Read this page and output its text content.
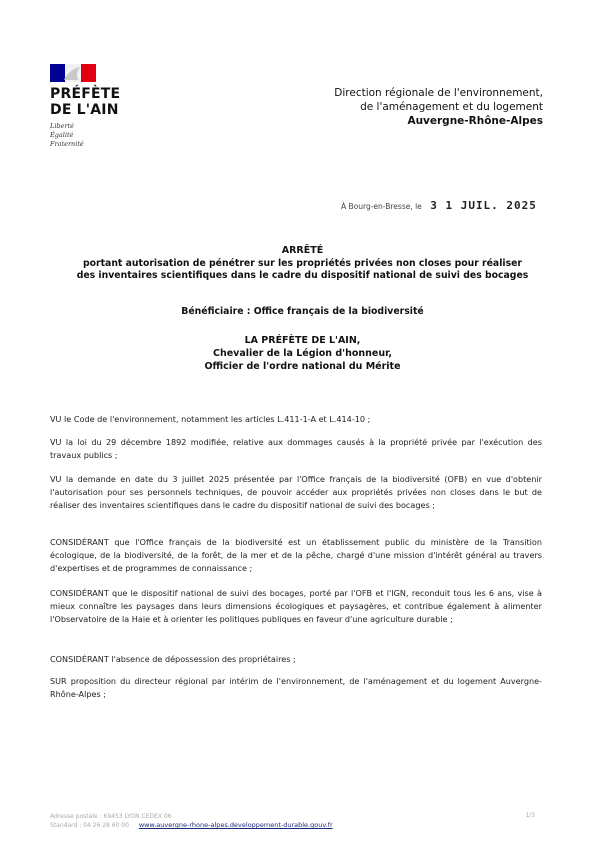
PRÉFÈTE
DE L'AIN
Liberté
Égalité
Fraternité
Direction régionale de l'environnement,
de l'aménagement et du logement
Auvergne-Rhône-Alpes
À Bourg-en-Bresse, le 3 1 JUIL. 2025
ARRÊTÉ
portant autorisation de pénétrer sur les propriétés privées non closes pour réaliser
des inventaires scientifiques dans le cadre du dispositif national de suivi des bocages
Bénéficiaire : Office français de la biodiversité
LA PRÉFÈTE DE L'AIN,
Chevalier de la Légion d'honneur,
Officier de l'ordre national du Mérite

VU le Code de l'environnement, notamment les articles L.411-1-A et L.414-10 ;

VU la loi du 29 décembre 1892 modifiée, relative aux dommages causés à la propriété privée par l'exécution des travaux publics ;

VU la demande en date du 3 juillet 2025 présentée par l'Office français de la biodiversité (OFB) en vue d'obtenir l'autorisation pour ses personnels techniques, de pouvoir accéder aux propriétés privées non closes dans le but de réaliser des inventaires scientifiques dans le cadre du dispositif national de suivi des bocages ;

CONSIDÉRANT que l'Office français de la biodiversité est un établissement public du ministère de la Transition écologique, de la biodiversité, de la forêt, de la mer et de la pêche, chargé d'une mission d'intérêt général au travers d'expertises et de programmes de connaissance ;

CONSIDÉRANT que le dispositif national de suivi des bocages, porté par l'OFB et l'IGN, reconduit tous les 6 ans, vise à mieux connaître les paysages dans leurs dimensions écologiques et paysagères, et contribue également à alimenter l'Observatoire de la Haie et à orienter les politiques publiques en faveur d'une agriculture durable ;

CONSIDÉRANT l'absence de dépossession des propriétaires ;

SUR proposition du directeur régional par intérim de l'environnement, de l'aménagement et du logement Auvergne-Rhône-Alpes ;

Adresse postale : 69453 LYON CEDEX 06
Standard : 04 26 28 60 00 www.auvergne-rhone-alpes.developpement-durable.gouv.fr
1/3
